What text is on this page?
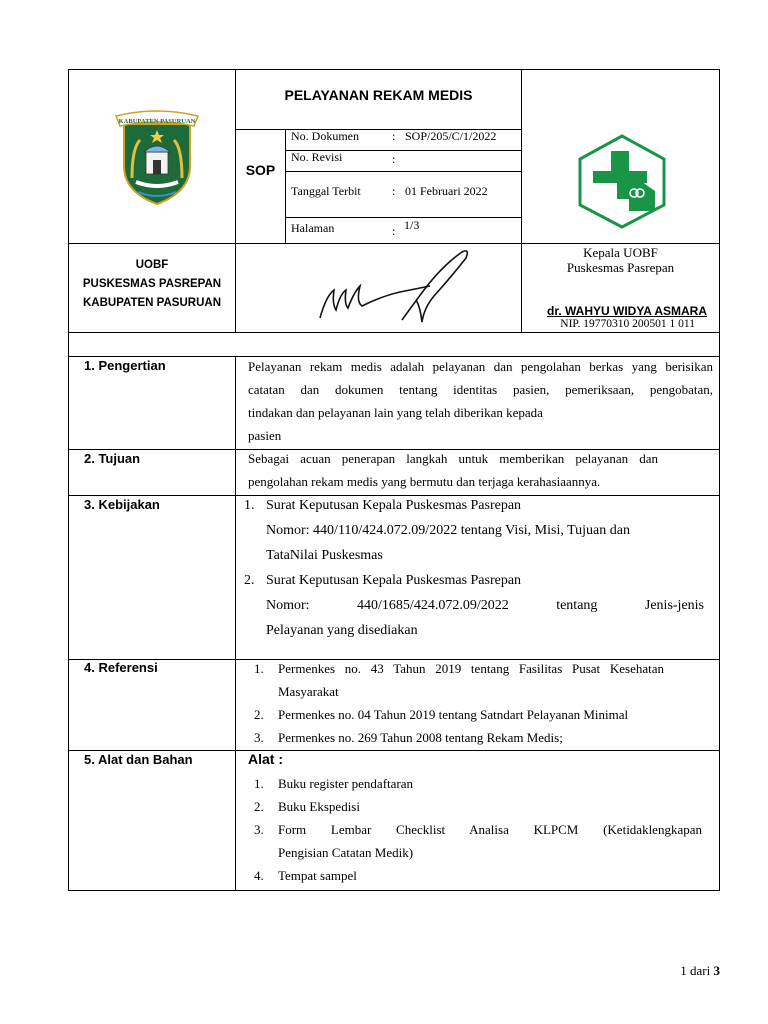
KABUPATEN PASURUAN
PELAYANAN REKAM MEDIS
SOP
No. Dokumen	: SOP/205/C/1/2022
No. Revisi	:
Tanggal Terbit	: 01 Februari 2022
Halaman	: 1/3
UOBF
PUSKESMAS PASREPAN
KABUPATEN PASURUAN
Kepala UOBF
Puskesmas Pasrepan
dr. WAHYU WIDYA ASMARA
NIP. 19770310 200501 1 011
1. Pengertian	Pelayanan rekam medis adalah pelayanan dan pengolahan berkas yang berisikan
catatan dan dokumen tentang identitas pasien, pemeriksaan, pengobatan,
tindakan dan pelayanan lain yang telah diberikan kepada
pasien
2. Tujuan	Sebagai acuan penerapan langkah untuk memberikan pelayanan dan
pengolahan rekam medis yang bermutu dan terjaga kerahasiaannya.
3. Kebijakan	1. Surat Keputusan Kepala Puskesmas Pasrepan
Nomor: 440/110/424.072.09/2022 tentang Visi, Misi, Tujuan dan
TataNilai Puskesmas
2. Surat Keputusan Kepala Puskesmas Pasrepan
Nomor: 440/1685/424.072.09/2022 tentang Jenis-jenis
Pelayanan yang disediakan
4. Referensi	1. Permenkes no. 43 Tahun 2019 tentang Fasilitas Pusat Kesehatan
Masyarakat
2. Permenkes no. 04 Tahun 2019 tentang Satndart Pelayanan Minimal
3. Permenkes no. 269 Tahun 2008 tentang Rekam Medis;
5. Alat dan Bahan	Alat :
1. Buku register pendaftaran
2. Buku Ekspedisi
3. Form Lembar Checklist Analisa KLPCM (Ketidaklengkapan
Pengisian Catatan Medik)
4. Tempat sampel
1 dari 3
